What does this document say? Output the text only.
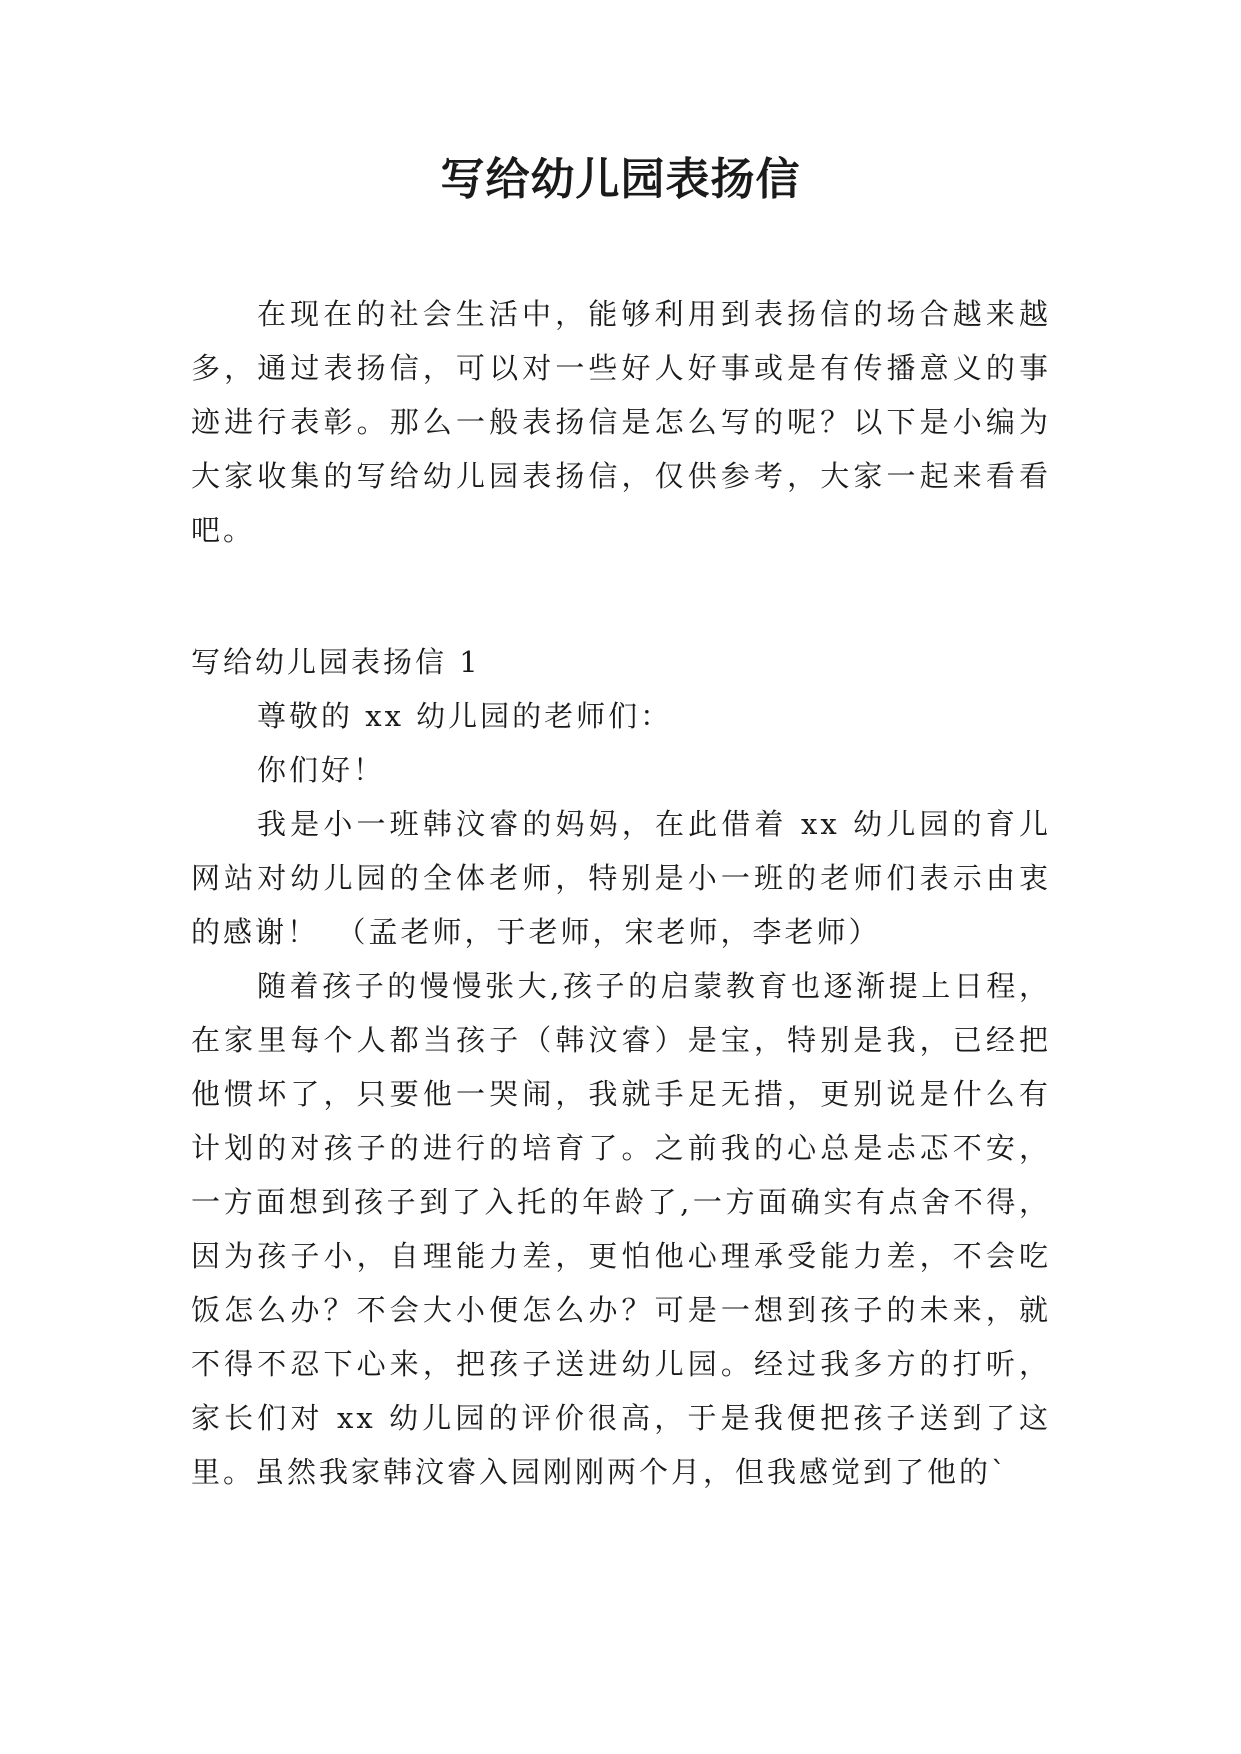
写给幼儿园表扬信

在现在的社会生活中，能够利用到表扬信的场合越来越多，通过表扬信，可以对一些好人好事或是有传播意义的事迹进行表彰。那么一般表扬信是怎么写的呢？以下是小编为大家收集的写给幼儿园表扬信，仅供参考，大家一起来看看吧。

写给幼儿园表扬信 1

尊敬的 xx 幼儿园的老师们：

你们好！

我是小一班韩汶睿的妈妈，在此借着 xx 幼儿园的育儿网站对幼儿园的全体老师，特别是小一班的老师们表示由衷的感谢！　（孟老师，于老师，宋老师，李老师）

随着孩子的慢慢张大,孩子的启蒙教育也逐渐提上日程，在家里每个人都当孩子（韩汶睿）是宝，特别是我，已经把他惯坏了，只要他一哭闹，我就手足无措，更别说是什么有计划的对孩子的进行的培育了。之前我的心总是忐忑不安，一方面想到孩子到了入托的年龄了,一方面确实有点舍不得，因为孩子小，自理能力差，更怕他心理承受能力差，不会吃饭怎么办？不会大小便怎么办？可是一想到孩子的未来，就不得不忍下心来，把孩子送进幼儿园。经过我多方的打听，家长们对 xx 幼儿园的评价很高，于是我便把孩子送到了这里。虽然我家韩汶睿入园刚刚两个月，但我感觉到了他的`
